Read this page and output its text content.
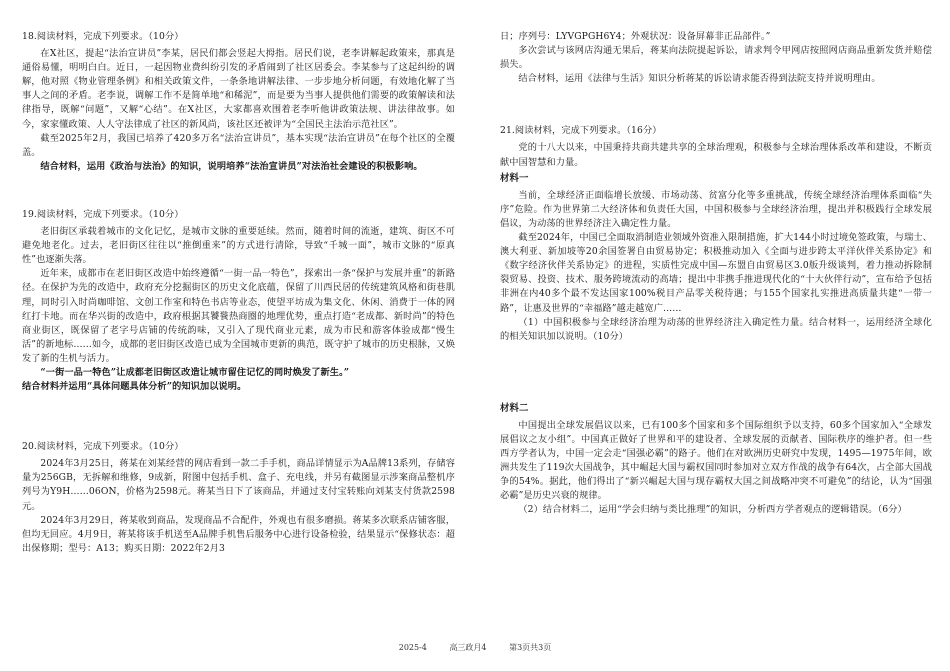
18.阅读材料，完成下列要求。（10分）

在X社区，提起“法治宣讲员”李某，居民们都会竖起大拇指。居民们说，老李讲解起政策来，那真是通俗易懂，明明白白。近日，一起因物业费纠纷引发的矛盾闹到了社区居委会。李某参与了这起纠纷的调解，他对照《物业管理条例》和相关政策文件，一条条地讲解法律、一步步地分析问题，有效地化解了当事人之间的矛盾。老李说，调解工作不是简单地“和稀泥”，而是要为当事人提供他们需要的政策解读和法律指导，既解“问题”，又解“心结”。在X社区，大家都喜欢围着老李听他讲政策法规、讲法律故事。如今，家家懂政策、人人守法律成了社区的新风尚，该社区还被评为“全国民主法治示范社区”。

截至2025年2月，我国已培养了420多万名“法治宣讲员”，基本实现“法治宣讲员”在每个社区的全覆盖。

结合材料，运用《政治与法治》的知识，说明培养“法治宣讲员”对法治社会建设的积极影响。

19.阅读材料，完成下列要求。（10分）

老旧街区承载着城市的文化记忆，是城市文脉的重要延续。然而，随着时间的流逝，建筑、街区不可避免地老化。过去，老旧街区往往以“推倒重来”的方式进行清除，导致“千城一面”，城市文脉的“原真性”也逐渐失落。

近年来，成都市在老旧街区改造中始终遵循“一街一品一特色”，探索出一条“保护与发展并重”的新路径。在保护为先的改造中，政府充分挖掘街区的历史文化底蕴，保留了川西民居的传统建筑风格和街巷肌理，同时引入时尚咖啡馆、文创工作室和特色书店等业态，使望平坊成为集文化、休闲、消费于一体的网红打卡地。而在华兴街的改造中，政府根据其饕餮热商圈的地理优势，重点打造“老成都、新时尚”的特色商业街区，既保留了老字号店铺的传统韵味，又引入了现代商业元素，成为市民和游客体验成都“慢生活”的新地标……如今，成都的老旧街区改造已成为全国城市更新的典范，既守护了城市的历史根脉，又焕发了新的生机与活力。

“一街一品一特色”让成都老旧街区改造让城市留住记忆的同时焕发了新生。”

结合材料并运用“具体问题具体分析”的知识加以说明。

20.阅读材料，完成下列要求。（10分）

2024年3月25日，蒋某在刘某经营的网店看到一款二手手机，商品详情显示为A品牌13系列，存储容量为256GB，无拆解和维修，9成新，附图中包括手机、盒子、充电线，并另有截图显示涉案商品整机序列号为Y9H……06ON，价格为2598元。蒋某当日下了该商品，并通过支付宝转账向刘某支付货款2598元。

2024年3月29日，蒋某收到商品，发现商品不合配件，外观也有很多磨损。蒋某多次联系店铺客服，但均无回应。4月9日，蒋某将该手机送至A品牌手机售后服务中心进行设备检验，结果显示“保修状态：超出保修期；型号：A13；购买日期：2022年2月3

日；序列号：LYVGPGH6Y4；外观状况：设备屏幕非正品部件。”

多次尝试与该网店沟通无果后，蒋某向法院提起诉讼，请求判令甲网店按照网店商品重新发货并赔偿损失。

结合材料，运用《法律与生活》知识分析蒋某的诉讼请求能否得到法院支持并说明理由。

21.阅读材料，完成下列要求。（16分）

党的十八大以来，中国秉持共商共建共享的全球治理观，积极参与全球治理体系改革和建设，不断贡献中国智慧和力量。

材料一

当前，全球经济正面临增长放缓、市场动荡、贫富分化等多重挑战，传统全球经济治理体系面临“失序”危险。作为世界第二大经济体和负责任大国，中国积极参与全球经济治理，提出并积极践行全球发展倡议，为动荡的世界经济注入确定性力量。

截至2024年，中国已全面取消制造业领域外资准入限制措施，扩大144小时过境免签政策，与瑞士、澳大利亚、新加坡等20余国签署自由贸易协定；积极推动加入《全面与进步跨太平洋伙伴关系协定》和《数字经济伙伴关系协定》的进程，实质性完成中国—东盟自由贸易区3.0版升级谈判，着力推动拆除制裂贸易、投资、技术、服务跨境流动的高墙；提出中非携手推进现代化的“十大伙伴行动”，宣布给予包括非洲在内40多个最不发达国家100%税目产品零关税待遇；与155个国家扎实推进高质量共建“一带一路”，让惠及世界的“幸福路”越走越宽广……

（1）中国积极参与全球经济治理为动荡的世界经济注入确定性力量。结合材料一，运用经济全球化的相关知识加以说明。（10分）

材料二

中国提出全球发展倡议以来，已有100多个国家和多个国际组织予以支持，60多个国家加入“全球发展倡议之友小组”。中国真正做好了世界和平的建设者、全球发展的贡献者、国际秩序的维护者。但一些西方学者认为，中国一定会走“国强必霸”的路子。他们在对欧洲历史研究中发现，1495—1975年间，欧洲共发生了119次大国战争，其中崛起大国与霸权国同时参加对立双方作战的战争有64次，占全部大国战争的54%。据此，他们得出了“新兴崛起大国与现存霸权大国之间战略冲突不可避免”的结论，认为“国强必霸”是历史兴衰的规律。

（2）结合材料二，运用“学会归纳与类比推理”的知识，分析西方学者观点的逻辑错误。（6分）

2025-4	高三政月4	第3页共3页
